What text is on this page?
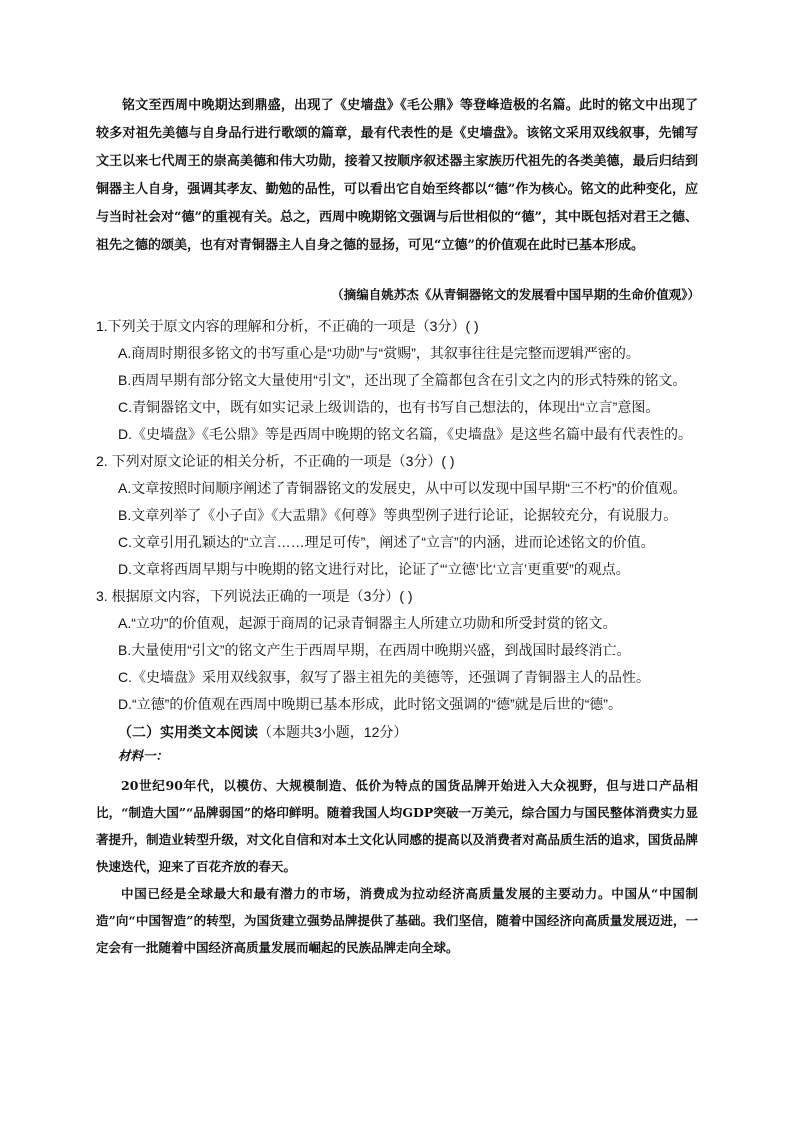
铭文至西周中晚期达到鼎盛，出现了《史墙盘》《毛公鼎》等登峰造极的名篇。此时的铭文中出现了较多对祖先美德与自身品行进行歌颂的篇章，最有代表性的是《史墙盘》。该铭文采用双线叙事，先铺写文王以来七代周王的崇高美德和伟大功勋，接着又按顺序叙述器主家族历代祖先的各类美德，最后归结到铜器主人自身，强调其孝友、勤勉的品性，可以看出它自始至终都以“德”作为核心。铭文的此种变化，应与当时社会对“德”的重视有关。总之，西周中晚期铭文强调与后世相似的“德”，其中既包括对君王之德、祖先之德的颂美，也有对青铜器主人自身之德的显扬，可见“立德”的价值观在此时已基本形成。

（摘编自姚苏杰《从青铜器铭文的发展看中国早期的生命价值观》）
1.下列关于原文内容的理解和分析，不正确的一项是（3分）( )
A.商周时期很多铭文的书写重心是“功勋”与“赏赐”，其叙事往往是完整而逻辑严密的。
B.西周早期有部分铭文大量使用“引文”，还出现了全篇都包含在引文之内的形式特殊的铭文。
C.青铜器铭文中，既有如实记录上级训诰的，也有书写自己想法的，体现出“立言”意图。
D.《史墙盘》《毛公鼎》等是西周中晚期的铭文名篇，《史墙盘》是这些名篇中最有代表性的。
2. 下列对原文论证的相关分析，不正确的一项是（3分）( )
A.文章按照时间顺序阐述了青铜器铭文的发展史，从中可以发现中国早期“三不朽”的价值观。
B.文章列举了《小子卣》《大盂鼎》《何尊》等典型例子进行论证，论据较充分，有说服力。
C.文章引用孔颖达的“立言……理足可传”，阐述了“立言”的内涵，进而论述铭文的价值。
D.文章将西周早期与中晚期的铭文进行对比，论证了“‘立德’比‘立言’更重要”的观点。
3. 根据原文内容，下列说法正确的一项是（3分）( )
A.“立功”的价值观，起源于商周的记录青铜器主人所建立功勋和所受封赏的铭文。
B.大量使用“引文”的铭文产生于西周早期，在西周中晚期兴盛，到战国时最终消亡。
C.《史墙盘》采用双线叙事，叙写了器主祖先的美德等，还强调了青铜器主人的品性。
D.“立德”的价值观在西周中晚期已基本形成，此时铭文强调的“德”就是后世的“德”。
（二）实用类文本阅读（本题共3小题，12分）
材料一：

20世纪90年代，以模仿、大规模制造、低价为特点的国货品牌开始进入大众视野，但与进口产品相比，“制造大国”“品牌弱国”的烙印鲜明。随着我国人均GDP突破一万美元，综合国力与国民整体消费实力显著提升，制造业转型升级，对文化自信和对本土文化认同感的提高以及消费者对高品质生活的追求，国货品牌快速迭代，迎来了百花齐放的春天。

中国已经是全球最大和最有潜力的市场，消费成为拉动经济高质量发展的主要动力。中国从“中国制造”向“中国智造”的转型，为国货建立强势品牌提供了基础。我们坚信，随着中国经济向高质量发展迈进，一定会有一批随着中国经济高质量发展而崛起的民族品牌走向全球。
